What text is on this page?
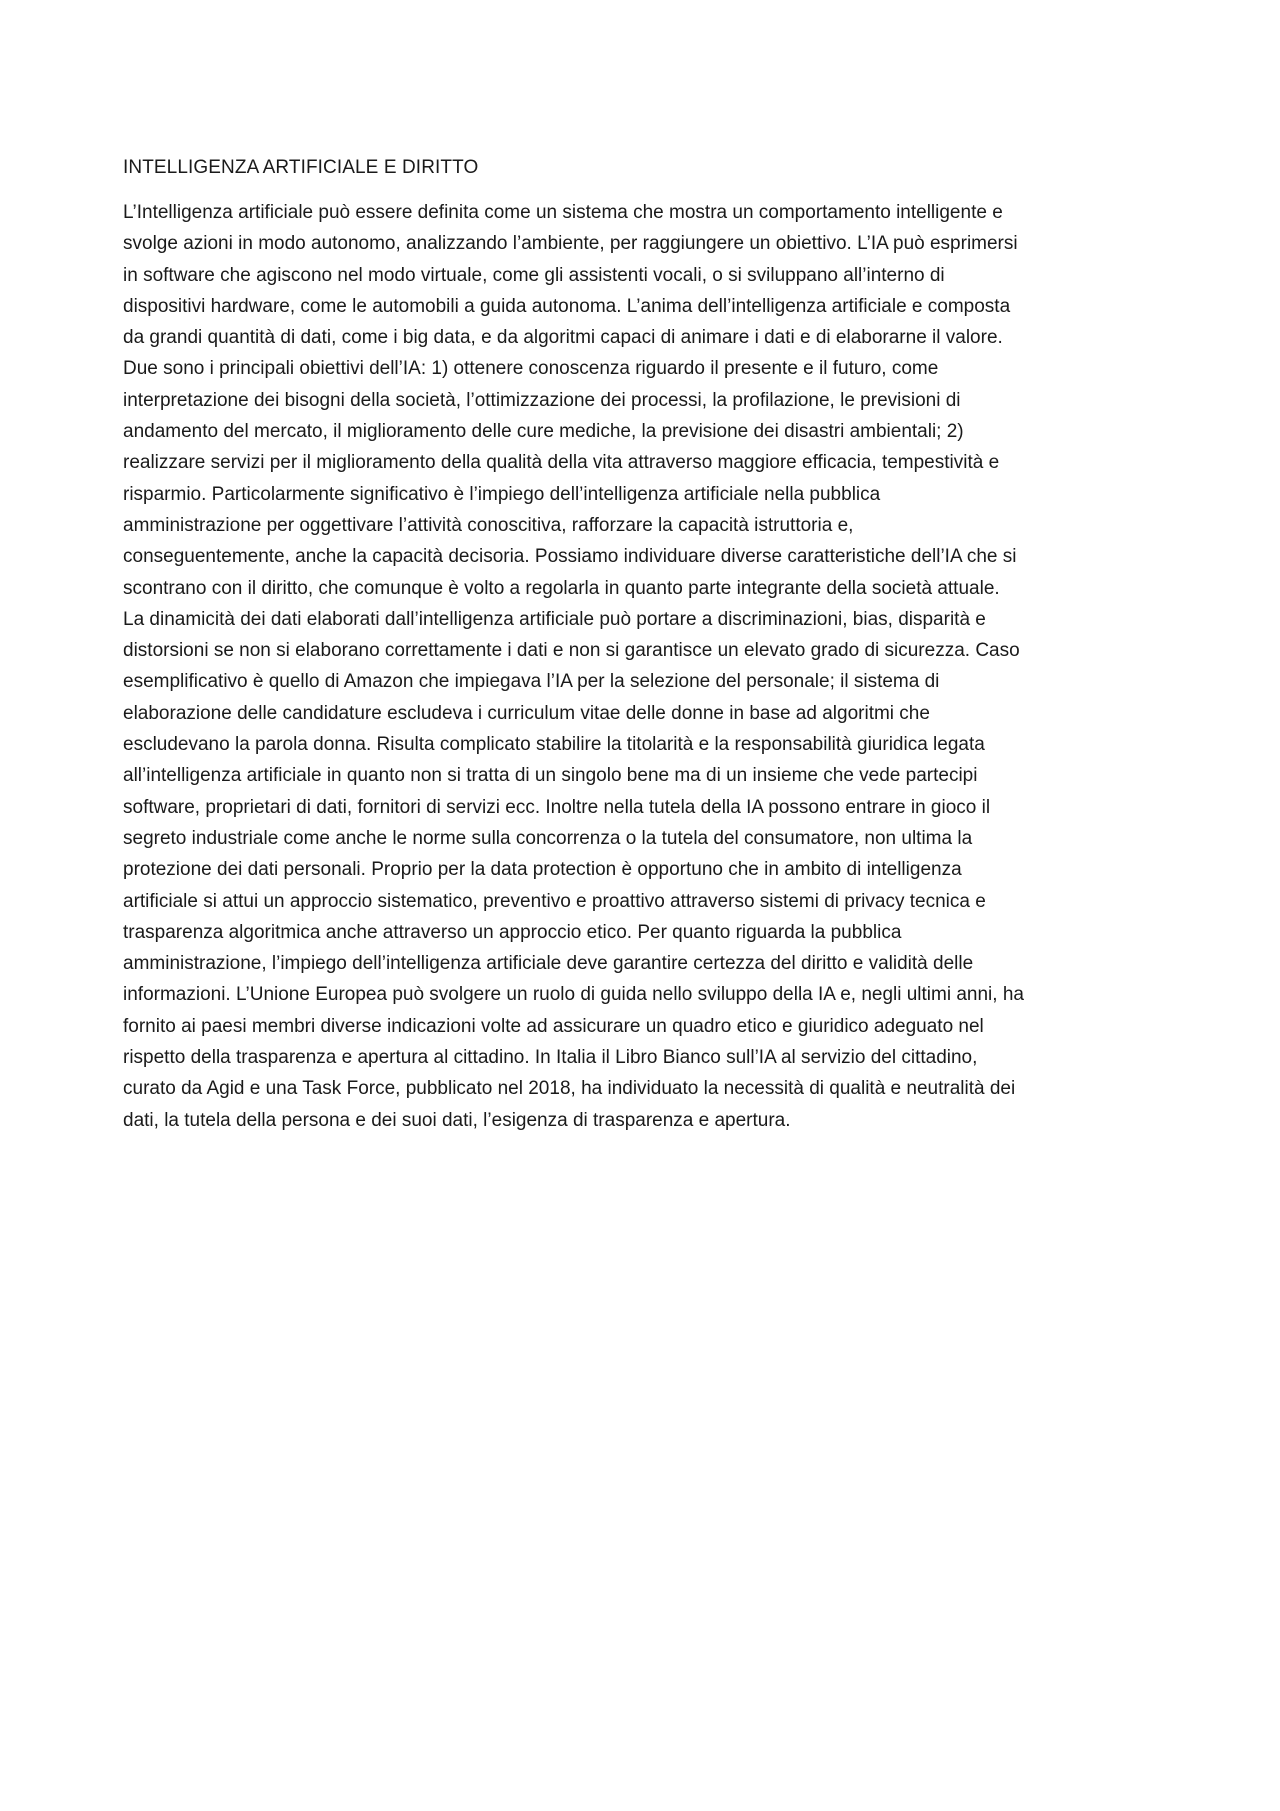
INTELLIGENZA ARTIFICIALE E DIRITTO

L’Intelligenza artificiale può essere definita come un sistema che mostra un comportamento intelligente e
svolge azioni in modo autonomo, analizzando l’ambiente, per raggiungere un obiettivo. L’IA può esprimersi
in software che agiscono nel modo virtuale, come gli assistenti vocali, o si sviluppano all’interno di
dispositivi hardware, come le automobili a guida autonoma. L’anima dell’intelligenza artificiale e composta
da grandi quantità di dati, come i big data, e da algoritmi capaci di animare i dati e di elaborarne il valore.
Due sono i principali obiettivi dell’IA: 1) ottenere conoscenza riguardo il presente e il futuro, come
interpretazione dei bisogni della società, l’ottimizzazione dei processi, la profilazione, le previsioni di
andamento del mercato, il miglioramento delle cure mediche, la previsione dei disastri ambientali; 2)
realizzare servizi per il miglioramento della qualità della vita attraverso maggiore efficacia, tempestività e
risparmio. Particolarmente significativo è l’impiego dell’intelligenza artificiale nella pubblica
amministrazione per oggettivare l’attività conoscitiva, rafforzare la capacità istruttoria e,
conseguentemente, anche la capacità decisoria. Possiamo individuare diverse caratteristiche dell’IA che si
scontrano con il diritto, che comunque è volto a regolarla in quanto parte integrante della società attuale.
La dinamicità dei dati elaborati dall’intelligenza artificiale può portare a discriminazioni, bias, disparità e
distorsioni se non si elaborano correttamente i dati e non si garantisce un elevato grado di sicurezza. Caso
esemplificativo è quello di Amazon che impiegava l’IA per la selezione del personale; il sistema di
elaborazione delle candidature escludeva i curriculum vitae delle donne in base ad algoritmi che
escludevano la parola donna. Risulta complicato stabilire la titolarità e la responsabilità giuridica legata
all’intelligenza artificiale in quanto non si tratta di un singolo bene ma di un insieme che vede partecipi
software, proprietari di dati, fornitori di servizi ecc. Inoltre nella tutela della IA possono entrare in gioco il
segreto industriale come anche le norme sulla concorrenza o la tutela del consumatore, non ultima la
protezione dei dati personali. Proprio per la data protection è opportuno che in ambito di intelligenza
artificiale si attui un approccio sistematico, preventivo e proattivo attraverso sistemi di privacy tecnica e
trasparenza algoritmica anche attraverso un approccio etico. Per quanto riguarda la pubblica
amministrazione, l’impiego dell’intelligenza artificiale deve garantire certezza del diritto e validità delle
informazioni. L’Unione Europea può svolgere un ruolo di guida nello sviluppo della IA e, negli ultimi anni, ha
fornito ai paesi membri diverse indicazioni volte ad assicurare un quadro etico e giuridico adeguato nel
rispetto della trasparenza e apertura al cittadino. In Italia il Libro Bianco sull’IA al servizio del cittadino,
curato da Agid e una Task Force, pubblicato nel 2018, ha individuato la necessità di qualità e neutralità dei
dati, la tutela della persona e dei suoi dati, l’esigenza di trasparenza e apertura.
